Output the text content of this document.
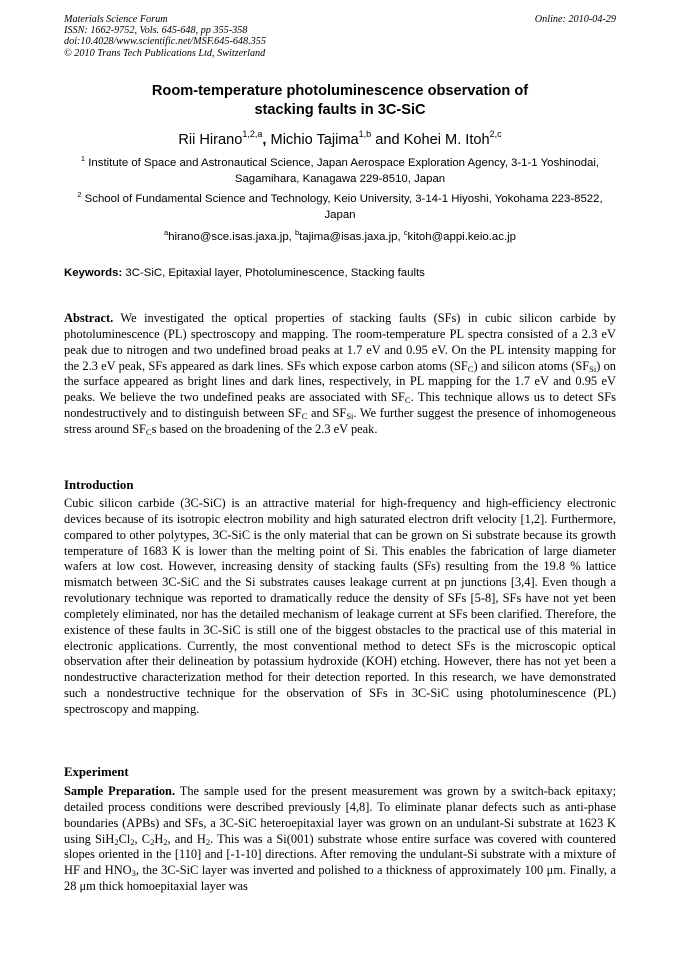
Materials Science Forum
ISSN: 1662-9752, Vols. 645-648, pp 355-358
doi:10.4028/www.scientific.net/MSF.645-648.355
© 2010 Trans Tech Publications Ltd, Switzerland
Online: 2010-04-29
Room-temperature photoluminescence observation of
stacking faults in 3C-SiC
Rii Hirano$^{1,2,a}$, Michio Tajima$^{1,b}$ and Kohei M. Itoh$^{2,c}$
$^1$ Institute of Space and Astronautical Science, Japan Aerospace Exploration Agency, 3-1-1 Yoshinodai, Sagamihara, Kanagawa 229-8510, Japan
$^2$ School of Fundamental Science and Technology, Keio University, 3-14-1 Hiyoshi, Yokohama 223-8522, Japan
$^a$hirano@sce.isas.jaxa.jp, $^b$tajima@isas.jaxa.jp, $^c$kitoh@appi.keio.ac.jp
Keywords: 3C-SiC, Epitaxial layer, Photoluminescence, Stacking faults
Abstract. We investigated the optical properties of stacking faults (SFs) in cubic silicon carbide by photoluminescence (PL) spectroscopy and mapping. The room-temperature PL spectra consisted of a 2.3 eV peak due to nitrogen and two undefined broad peaks at 1.7 eV and 0.95 eV. On the PL intensity mapping for the 2.3 eV peak, SFs appeared as dark lines. SFs which expose carbon atoms $(SF_C)$ and silicon atoms $(SF_{Si})$ on the surface appeared as bright lines and dark lines, respectively, in PL mapping for the 1.7 eV and 0.95 eV peaks. We believe the two undefined peaks are associated with $SF_C$. This technique allows us to detect SFs nondestructively and to distinguish between $SF_C$ and $SF_{Si}$. We further suggest the presence of inhomogeneous stress around $SF_Cs$ based on the broadening of the 2.3 eV peak.
Introduction
Cubic silicon carbide (3C-SiC) is an attractive material for high-frequency and high-efficiency electronic devices because of its isotropic electron mobility and high saturated electron drift velocity [1,2]. Furthermore, compared to other polytypes, 3C-SiC is the only material that can be grown on Si substrate because its growth temperature of 1683 K is lower than the melting point of Si. This enables the fabrication of large diameter wafers at low cost. However, increasing density of stacking faults (SFs) resulting from the 19.8 % lattice mismatch between 3C-SiC and the Si substrates causes leakage current at pn junctions [3,4]. Even though a revolutionary technique was reported to dramatically reduce the density of SFs [5-8], SFs have not yet been completely eliminated, nor has the detailed mechanism of leakage current at SFs been clarified. Therefore, the existence of these faults in 3C-SiC is still one of the biggest obstacles to the practical use of this material in electronic applications. Currently, the most conventional method to detect SFs is the microscopic optical observation after their delineation by potassium hydroxide (KOH) etching. However, there has not yet been a nondestructive characterization method for their detection reported. In this research, we have demonstrated such a nondestructive technique for the observation of SFs in 3C-SiC using photoluminescence (PL) spectroscopy and mapping.
Experiment
Sample Preparation. The sample used for the present measurement was grown by a switch-back epitaxy; detailed process conditions were described previously [4,8]. To eliminate planar defects such as anti-phase boundaries (APBs) and SFs, a 3C-SiC heteroepitaxial layer was grown on an undulant-Si substrate at 1623 K using $SiH_2Cl_2$, $C_2H_2$, and $H_2$. This was a Si(001) substrate whose entire surface was covered with countered slopes oriented in the [110] and [-1-10] directions. After removing the undulant-Si substrate with a mixture of HF and $HNO_3$, the 3C-SiC layer was inverted and polished to a thickness of approximately 100 μm. Finally, a 28 μm thick homoepitaxial layer was
